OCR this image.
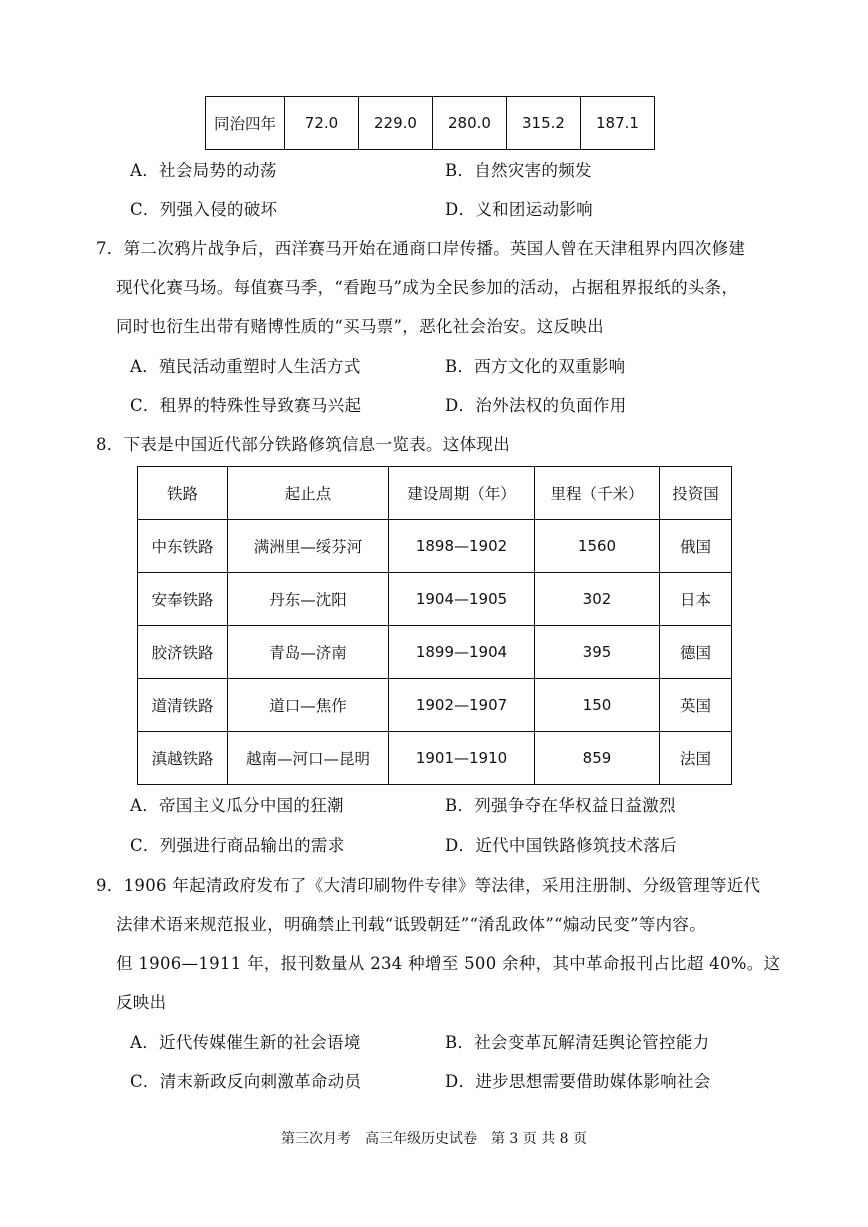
同治四年	72.0	229.0	280.0	315.2	187.1
A．社会局势的动荡	B．自然灾害的频发
C．列强入侵的破坏	D．义和团运动影响
7．第二次鸦片战争后，西洋赛马开始在通商口岸传播。英国人曾在天津租界内四次修建
现代化赛马场。每值赛马季，“看跑马”成为全民参加的活动，占据租界报纸的头条，
同时也衍生出带有赌博性质的“买马票”，恶化社会治安。这反映出
A．殖民活动重塑时人生活方式	B．西方文化的双重影响
C．租界的特殊性导致赛马兴起	D．治外法权的负面作用
8．下表是中国近代部分铁路修筑信息一览表。这体现出
铁路	起止点	建设周期（年）	里程（千米）	投资国
中东铁路	满洲里—绥芬河	1898—1902	1560	俄国
安奉铁路	丹东—沈阳	1904—1905	302	日本
胶济铁路	青岛—济南	1899—1904	395	德国
道清铁路	道口—焦作	1902—1907	150	英国
滇越铁路	越南—河口—昆明	1901—1910	859	法国
A．帝国主义瓜分中国的狂潮	B．列强争夺在华权益日益激烈
C．列强进行商品输出的需求	D．近代中国铁路修筑技术落后
9．1906 年起清政府发布了《大清印刷物件专律》等法律，采用注册制、分级管理等近代
法律术语来规范报业，明确禁止刊载“诋毁朝廷”“淆乱政体”“煽动民变”等内容。
但 1906—1911 年，报刊数量从 234 种增至 500 余种，其中革命报刊占比超 40%。这
反映出
A．近代传媒催生新的社会语境	B．社会变革瓦解清廷舆论管控能力
C．清末新政反向刺激革命动员	D．进步思想需要借助媒体影响社会
第三次月考　高三年级历史试卷　第 3 页 共 8 页
